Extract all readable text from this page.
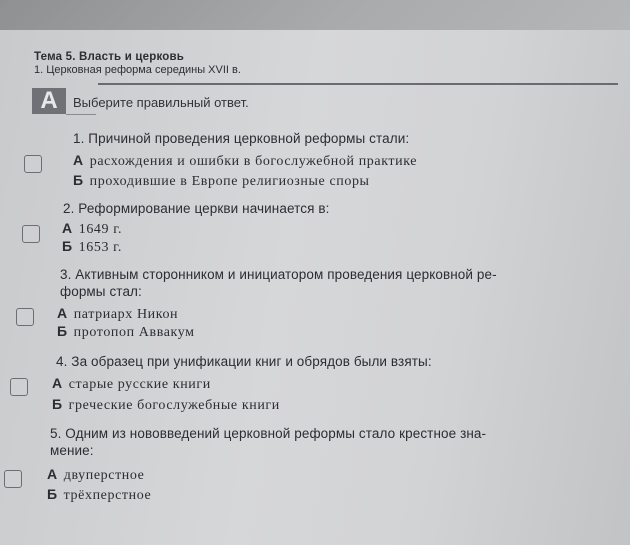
Тема 5. Власть и церковь
1. Церковная реформа середины XVII в.
А	Выберите правильный ответ.
1. Причиной проведения церковной реформы стали:
А расхождения и ошибки в богослужебной практике
Б проходившие в Европе религиозные споры
2. Реформирование церкви начинается в:
А 1649 г.
Б 1653 г.
3. Активным сторонником и инициатором проведения церковной ре-
формы стал:
А патриарх Никон
Б протопоп Аввакум
4. За образец при унификации книг и обрядов были взяты:
А старые русские книги
Б греческие богослужебные книги
5. Одним из нововведений церковной реформы стало крестное зна-
мение:
А двуперстное
Б трёхперстное
